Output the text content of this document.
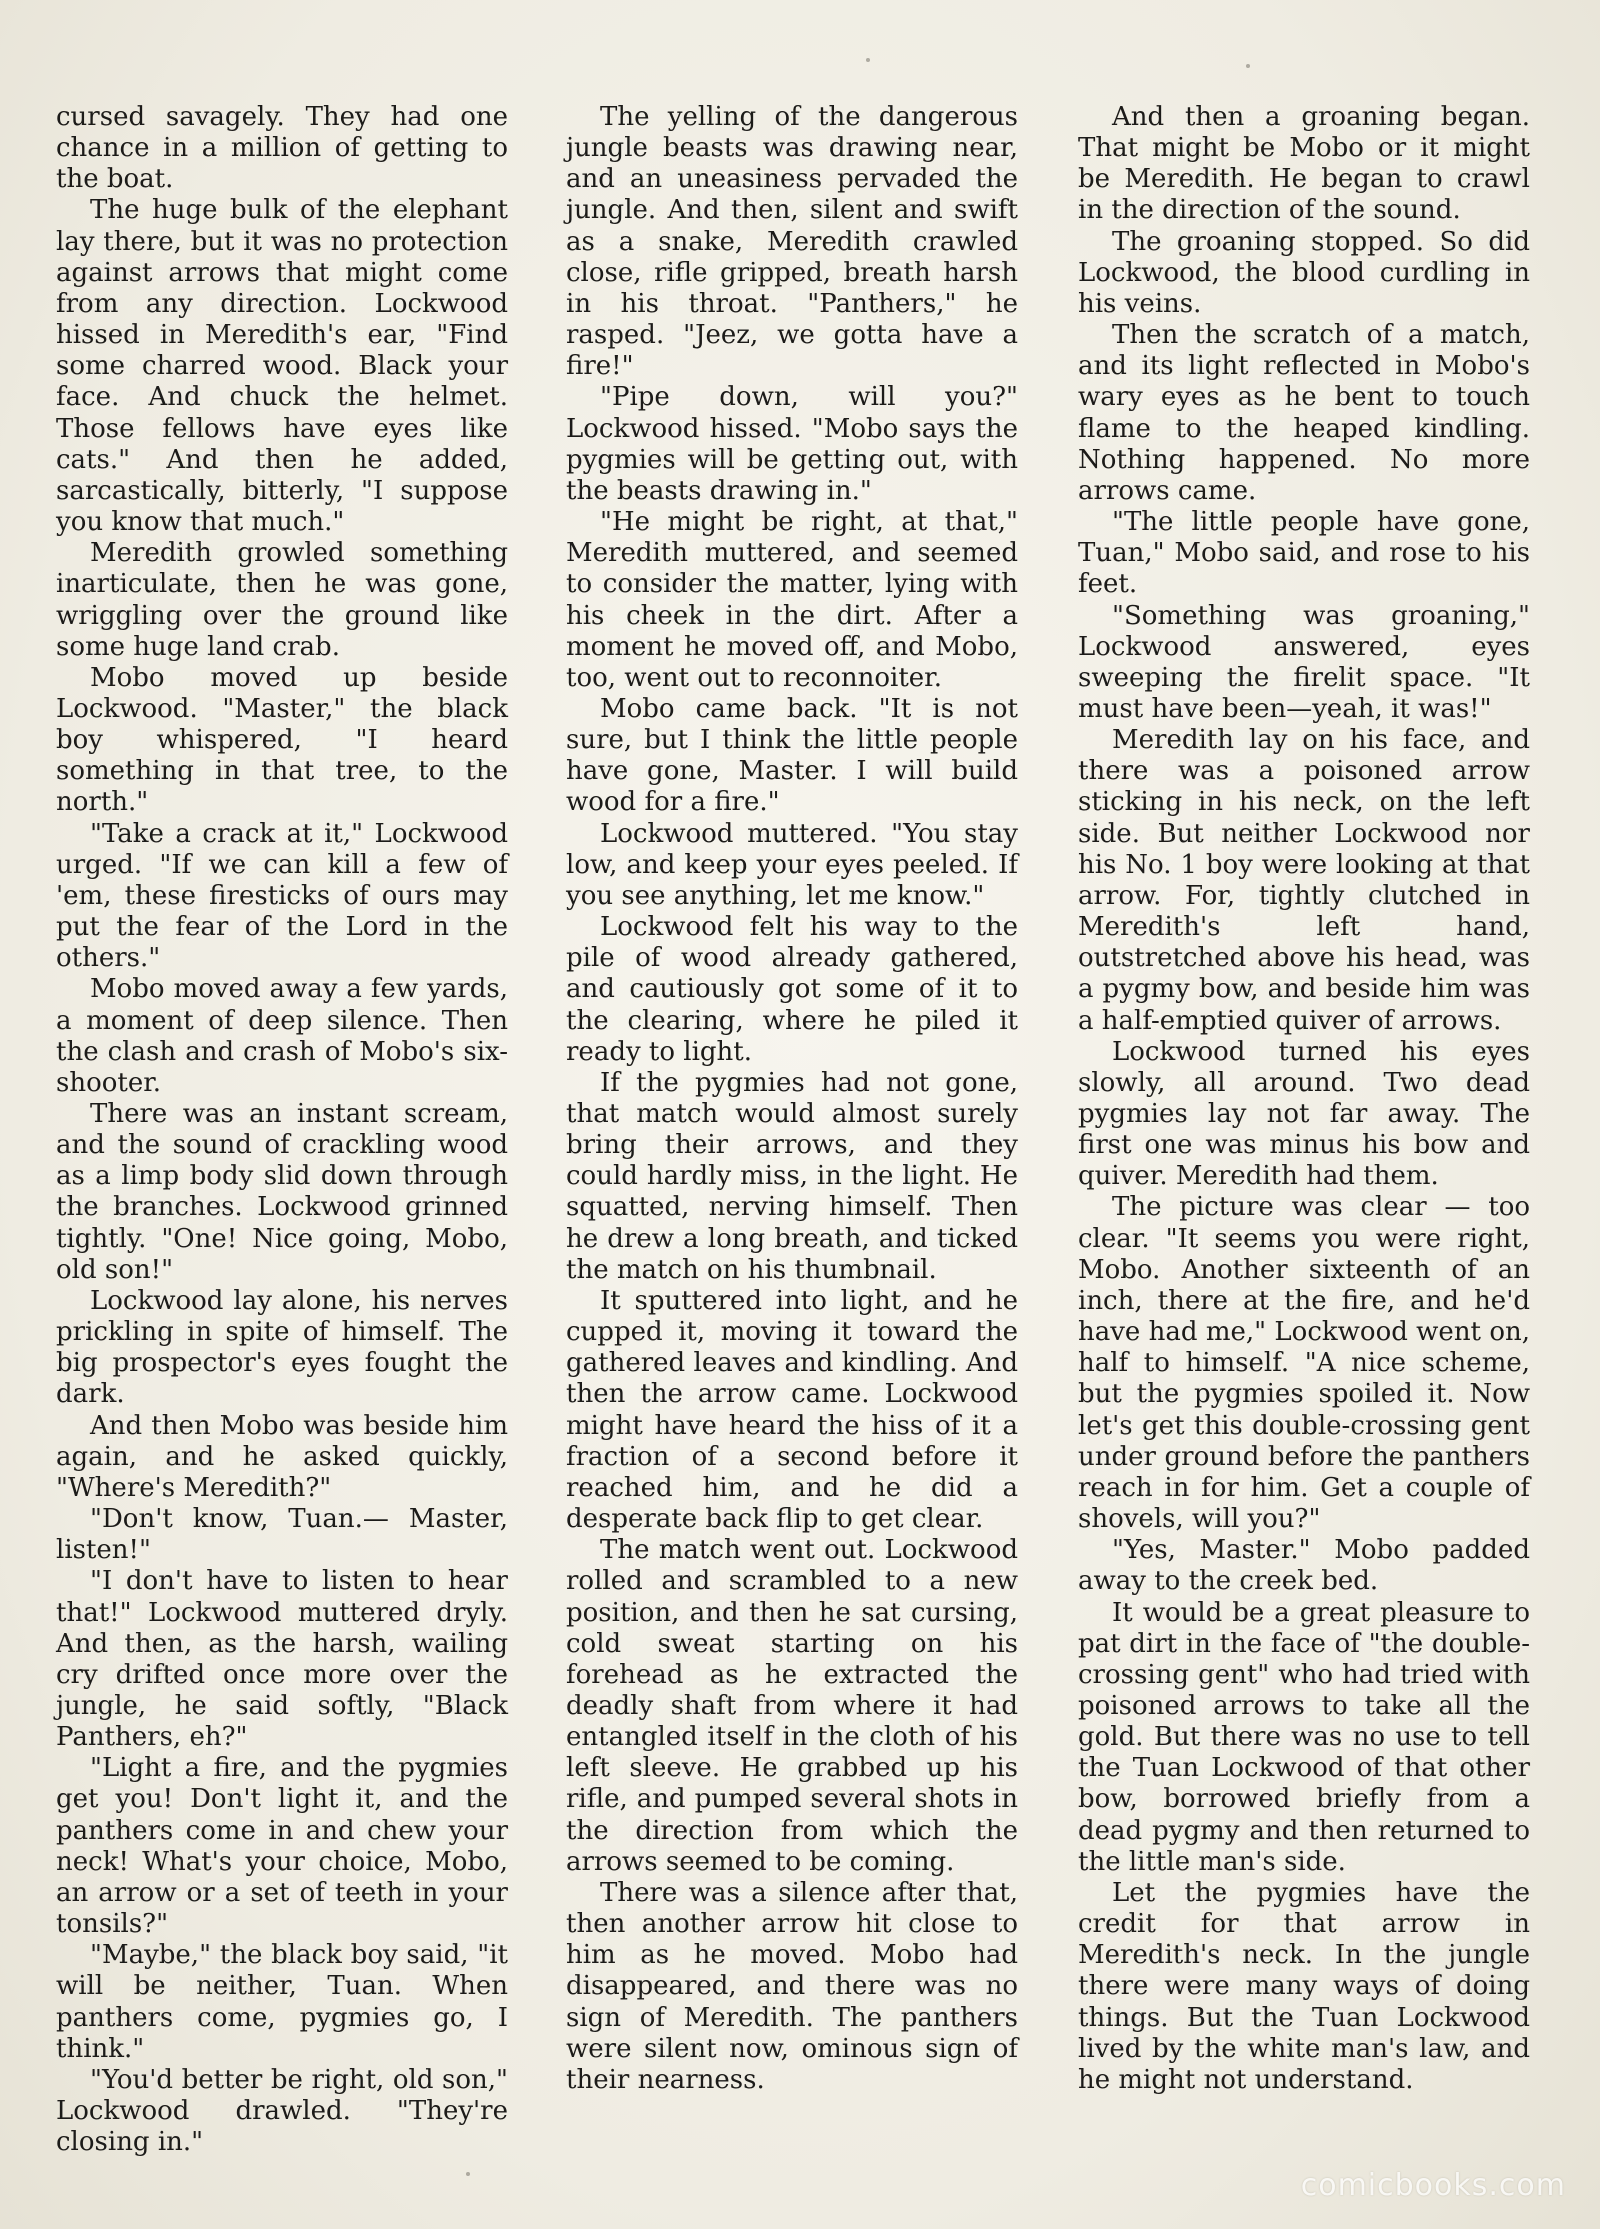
cursed savagely. They had one chance in a million of getting to the boat.

The huge bulk of the elephant lay there, but it was no protection against arrows that might come from any direction. Lockwood hissed in Meredith's ear, "Find some charred wood. Black your face. And chuck the helmet. Those fellows have eyes like cats." And then he added, sarcastically, bitterly, "I suppose you know that much."

Meredith growled something inarticulate, then he was gone, wriggling over the ground like some huge land crab.

Mobo moved up beside Lockwood. "Master," the black boy whispered, "I heard something in that tree, to the north."

"Take a crack at it," Lockwood urged. "If we can kill a few of 'em, these firesticks of ours may put the fear of the Lord in the others."

Mobo moved away a few yards, a moment of deep silence. Then the clash and crash of Mobo's six-shooter.

There was an instant scream, and the sound of crackling wood as a limp body slid down through the branches. Lockwood grinned tightly. "One! Nice going, Mobo, old son!"

Lockwood lay alone, his nerves prickling in spite of himself. The big prospector's eyes fought the dark.

And then Mobo was beside him again, and he asked quickly, "Where's Meredith?"

"Don't know, Tuan.— Master, listen!"

"I don't have to listen to hear that!" Lockwood muttered dryly. And then, as the harsh, wailing cry drifted once more over the jungle, he said softly, "Black Panthers, eh?"

"Light a fire, and the pygmies get you! Don't light it, and the panthers come in and chew your neck! What's your choice, Mobo, an arrow or a set of teeth in your tonsils?"

"Maybe," the black boy said, "it will be neither, Tuan. When panthers come, pygmies go, I think."

"You'd better be right, old son," Lockwood drawled. "They're closing in."

The yelling of the dangerous jungle beasts was drawing near, and an uneasiness pervaded the jungle. And then, silent and swift as a snake, Meredith crawled close, rifle gripped, breath harsh in his throat. "Panthers," he rasped. "Jeez, we gotta have a fire!"

"Pipe down, will you?" Lockwood hissed. "Mobo says the pygmies will be getting out, with the beasts drawing in."

"He might be right, at that," Meredith muttered, and seemed to consider the matter, lying with his cheek in the dirt. After a moment he moved off, and Mobo, too, went out to reconnoiter.

Mobo came back. "It is not sure, but I think the little people have gone, Master. I will build wood for a fire."

Lockwood muttered. "You stay low, and keep your eyes peeled. If you see anything, let me know."

Lockwood felt his way to the pile of wood already gathered, and cautiously got some of it to the clearing, where he piled it ready to light.

If the pygmies had not gone, that match would almost surely bring their arrows, and they could hardly miss, in the light. He squatted, nerving himself. Then he drew a long breath, and ticked the match on his thumbnail.

It sputtered into light, and he cupped it, moving it toward the gathered leaves and kindling. And then the arrow came. Lockwood might have heard the hiss of it a fraction of a second before it reached him, and he did a desperate back flip to get clear.

The match went out. Lockwood rolled and scrambled to a new position, and then he sat cursing, cold sweat starting on his forehead as he extracted the deadly shaft from where it had entangled itself in the cloth of his left sleeve. He grabbed up his rifle, and pumped several shots in the direction from which the arrows seemed to be coming.

There was a silence after that, then another arrow hit close to him as he moved. Mobo had disappeared, and there was no sign of Meredith. The panthers were silent now, ominous sign of their nearness.

And then a groaning began. That might be Mobo or it might be Meredith. He began to crawl in the direction of the sound.

The groaning stopped. So did Lockwood, the blood curdling in his veins.

Then the scratch of a match, and its light reflected in Mobo's wary eyes as he bent to touch flame to the heaped kindling. Nothing happened. No more arrows came.

"The little people have gone, Tuan," Mobo said, and rose to his feet.

"Something was groaning," Lockwood answered, eyes sweeping the firelit space. "It must have been—yeah, it was!"

Meredith lay on his face, and there was a poisoned arrow sticking in his neck, on the left side. But neither Lockwood nor his No. 1 boy were looking at that arrow. For, tightly clutched in Meredith's left hand, outstretched above his head, was a pygmy bow, and beside him was a half-emptied quiver of arrows.

Lockwood turned his eyes slowly, all around. Two dead pygmies lay not far away. The first one was minus his bow and quiver. Meredith had them.

The picture was clear — too clear. "It seems you were right, Mobo. Another sixteenth of an inch, there at the fire, and he'd have had me," Lockwood went on, half to himself. "A nice scheme, but the pygmies spoiled it. Now let's get this double-crossing gent under ground before the panthers reach in for him. Get a couple of shovels, will you?"

"Yes, Master." Mobo padded away to the creek bed.

It would be a great pleasure to pat dirt in the face of "the double-crossing gent" who had tried with poisoned arrows to take all the gold. But there was no use to tell the Tuan Lockwood of that other bow, borrowed briefly from a dead pygmy and then returned to the little man's side.

Let the pygmies have the credit for that arrow in Meredith's neck. In the jungle there were many ways of doing things. But the Tuan Lockwood lived by the white man's law, and he might not understand.

comicbooks.com
